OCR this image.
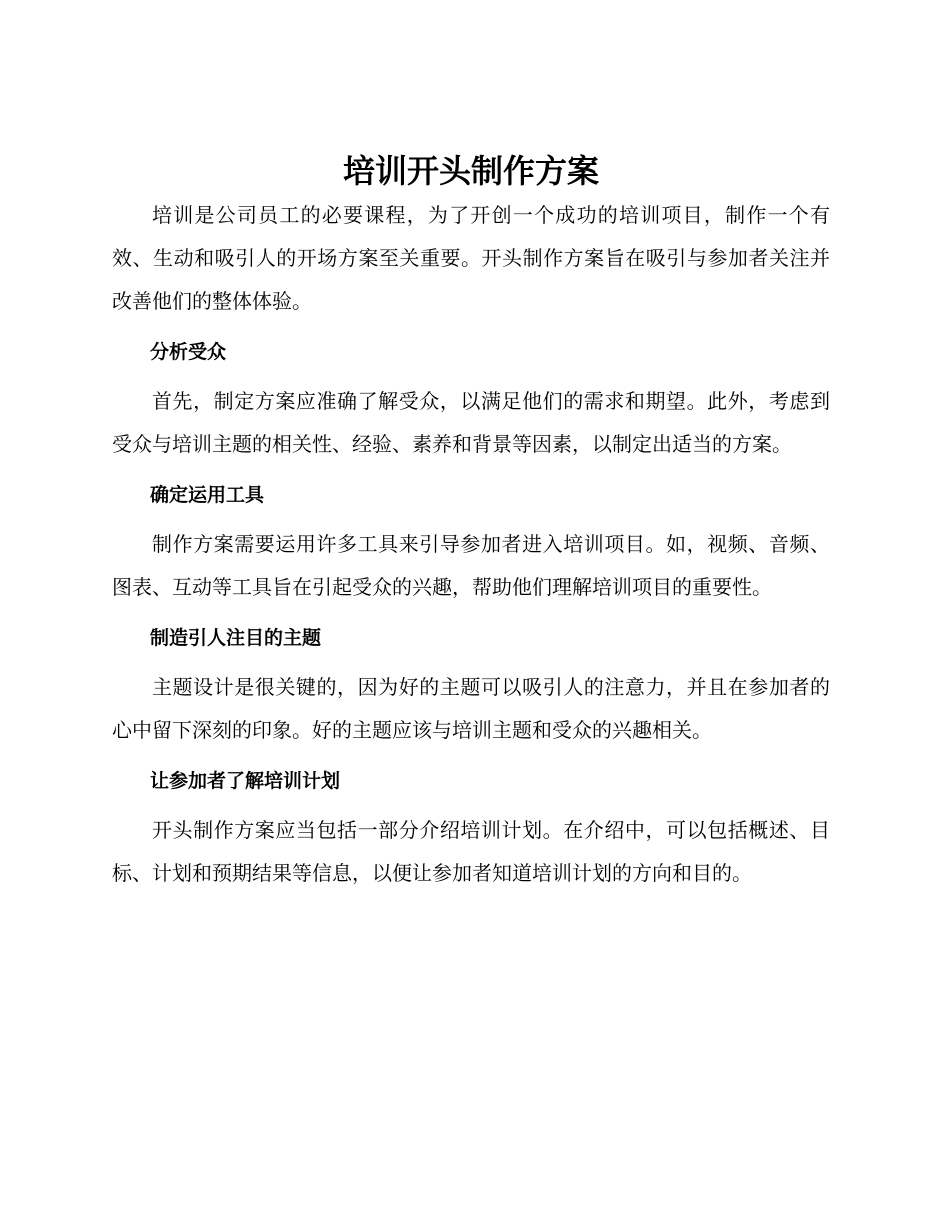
培训开头制作方案

培训是公司员工的必要课程，为了开创一个成功的培训项目，制作一个有效、生动和吸引人的开场方案至关重要。开头制作方案旨在吸引与参加者关注并改善他们的整体体验。

分析受众

首先，制定方案应准确了解受众，以满足他们的需求和期望。此外，考虑到受众与培训主题的相关性、经验、素养和背景等因素，以制定出适当的方案。

确定运用工具

制作方案需要运用许多工具来引导参加者进入培训项目。如，视频、音频、图表、互动等工具旨在引起受众的兴趣，帮助他们理解培训项目的重要性。

制造引人注目的主题

主题设计是很关键的，因为好的主题可以吸引人的注意力，并且在参加者的心中留下深刻的印象。好的主题应该与培训主题和受众的兴趣相关。

让参加者了解培训计划

开头制作方案应当包括一部分介绍培训计划。在介绍中，可以包括概述、目标、计划和预期结果等信息，以便让参加者知道培训计划的方向和目的。
